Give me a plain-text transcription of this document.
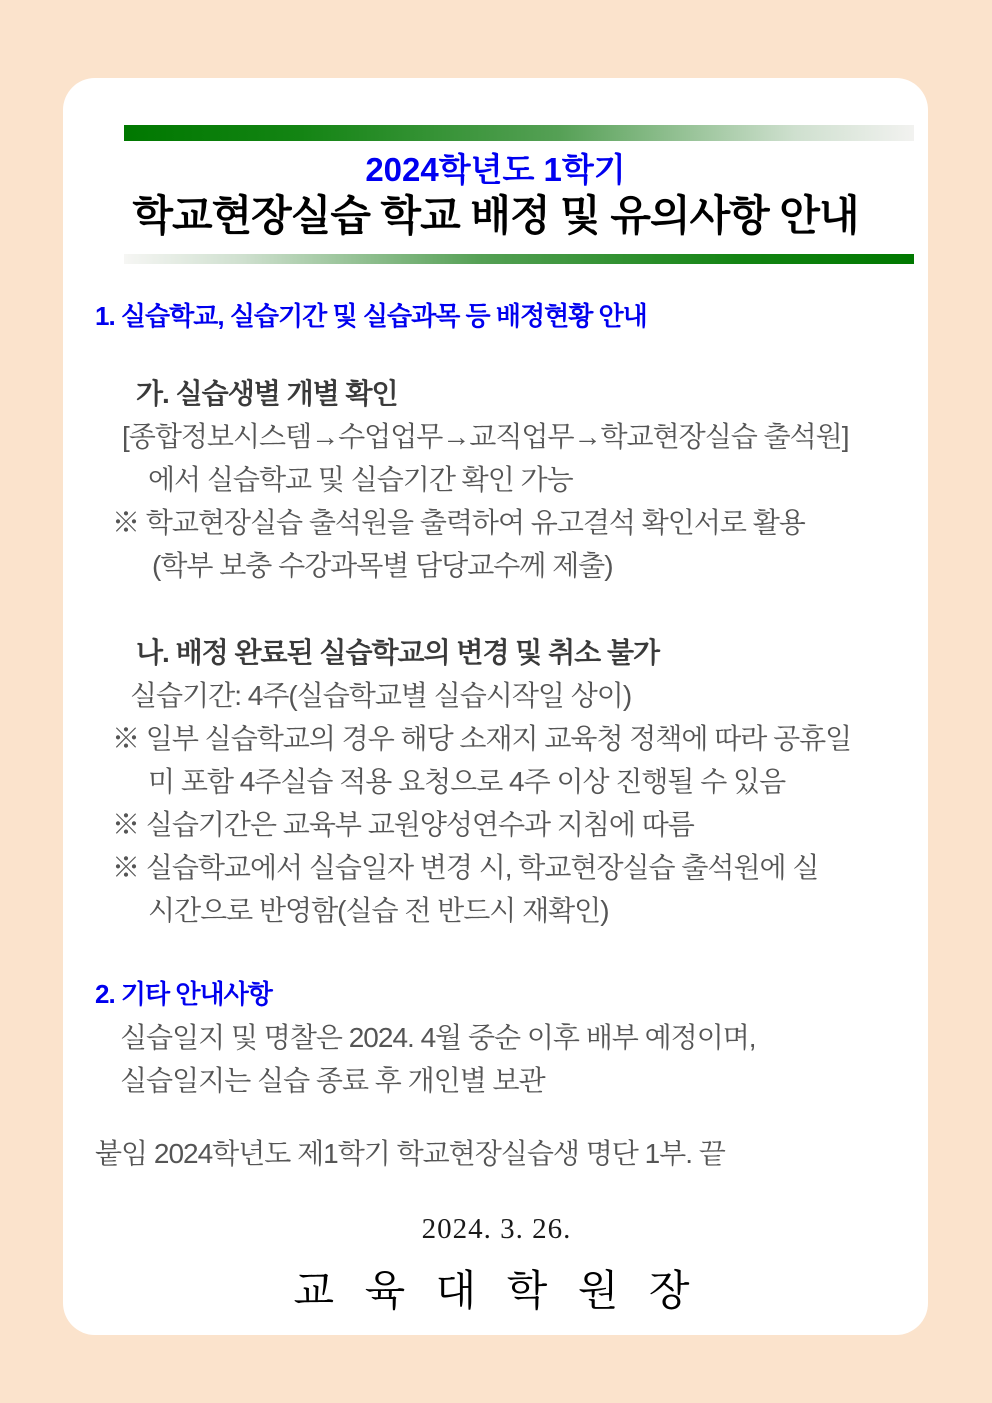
2024학년도 1학기
학교현장실습 학교 배정 및 유의사항 안내
1. 실습학교, 실습기간 및 실습과목 등 배정현황 안내
가. 실습생별 개별 확인
[종합정보시스템→수업업무→교직업무→학교현장실습 출석원]
에서 실습학교 및 실습기간 확인 가능
※ 학교현장실습 출석원을 출력하여 유고결석 확인서로 활용
(학부 보충 수강과목별 담당교수께 제출)
나. 배정 완료된 실습학교의 변경 및 취소 불가
실습기간: 4주(실습학교별 실습시작일 상이)
※ 일부 실습학교의 경우 해당 소재지 교육청 정책에 따라 공휴일
미 포함 4주실습 적용 요청으로 4주 이상 진행될 수 있음
※ 실습기간은 교육부 교원양성연수과 지침에 따름
※ 실습학교에서 실습일자 변경 시, 학교현장실습 출석원에 실
시간으로 반영함(실습 전 반드시 재확인)
2. 기타 안내사항
실습일지 및 명찰은 2024. 4월 중순 이후 배부 예정이며,
실습일지는 실습 종료 후 개인별 보관
붙임 2024학년도 제1학기 학교현장실습생 명단 1부. 끝
2024. 3. 26.
교 육 대 학 원 장
